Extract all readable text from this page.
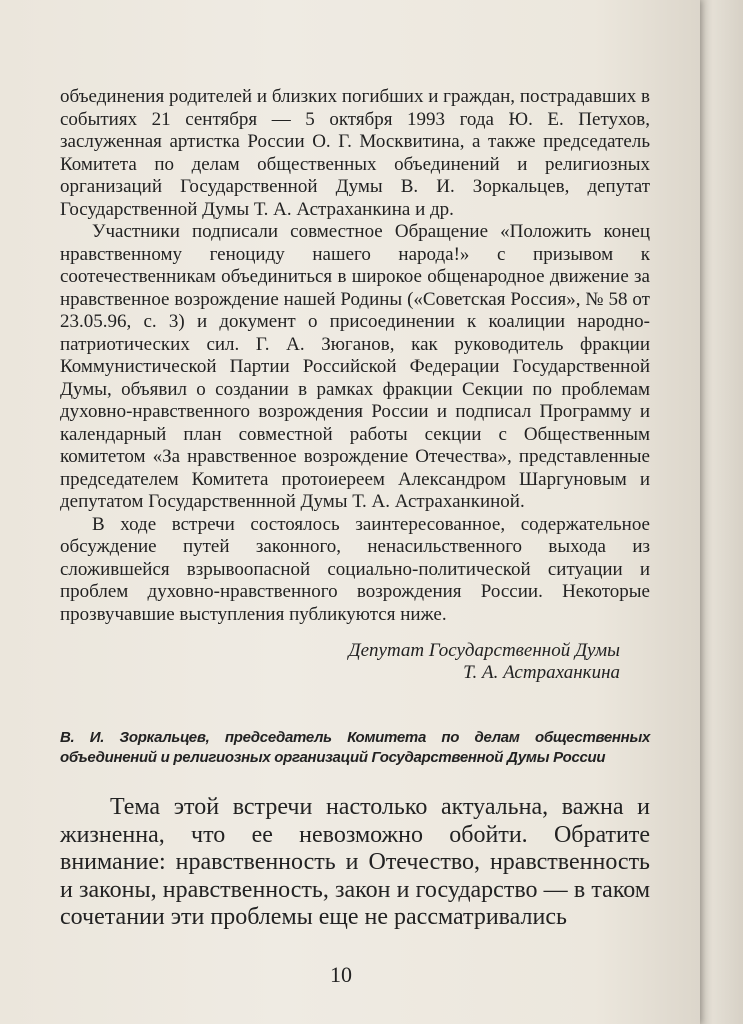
объединения родителей и близких погибших и граждан, пострадавших в событиях 21 сентября — 5 октября 1993 года Ю. Е. Петухов, заслуженная артистка России О. Г. Москвитина, а также председатель Комитета по делам общественных объединений и религиозных организаций Государственной Думы В. И. Зоркальцев, депутат Государственной Думы Т. А. Астраханкина и др.

Участники подписали совместное Обращение «Положить конец нравственному геноциду нашего народа!» с призывом к соотечественникам объединиться в широкое общенародное движение за нравственное возрождение нашей Родины («Советская Россия», № 58 от 23.05.96, с. 3) и документ о присоединении к коалиции народно-патриотических сил. Г. А. Зюганов, как руководитель фракции Коммунистической Партии Российской Федерации Государственной Думы, объявил о создании в рамках фракции Секции по проблемам духовно-нравственного возрождения России и подписал Программу и календарный план совместной работы секции с Общественным комитетом «За нравственное возрождение Отечества», представленные председателем Комитета протоиереем Александром Шаргуновым и депутатом Государственнной Думы Т. А. Астраханкиной.

В ходе встречи состоялось заинтересованное, содержательное обсуждение путей законного, ненасильственного выхода из сложившейся взрывоопасной социально-политической ситуации и проблем духовно-нравственного возрождения России. Некоторые прозвучавшие выступления публикуются ниже.

Депутат Государственной Думы
Т. А. Астраханкина
В. И. Зоркальцев, председатель Комитета по делам общественных объединений и религиозных организаций Государственной Думы России

Тема этой встречи настолько актуальна, важна и жизненна, что ее невозможно обойти. Обратите внимание: нравственность и Отечество, нравственность и законы, нравственность, закон и государство — в таком сочетании эти проблемы еще не рассматривались

10
